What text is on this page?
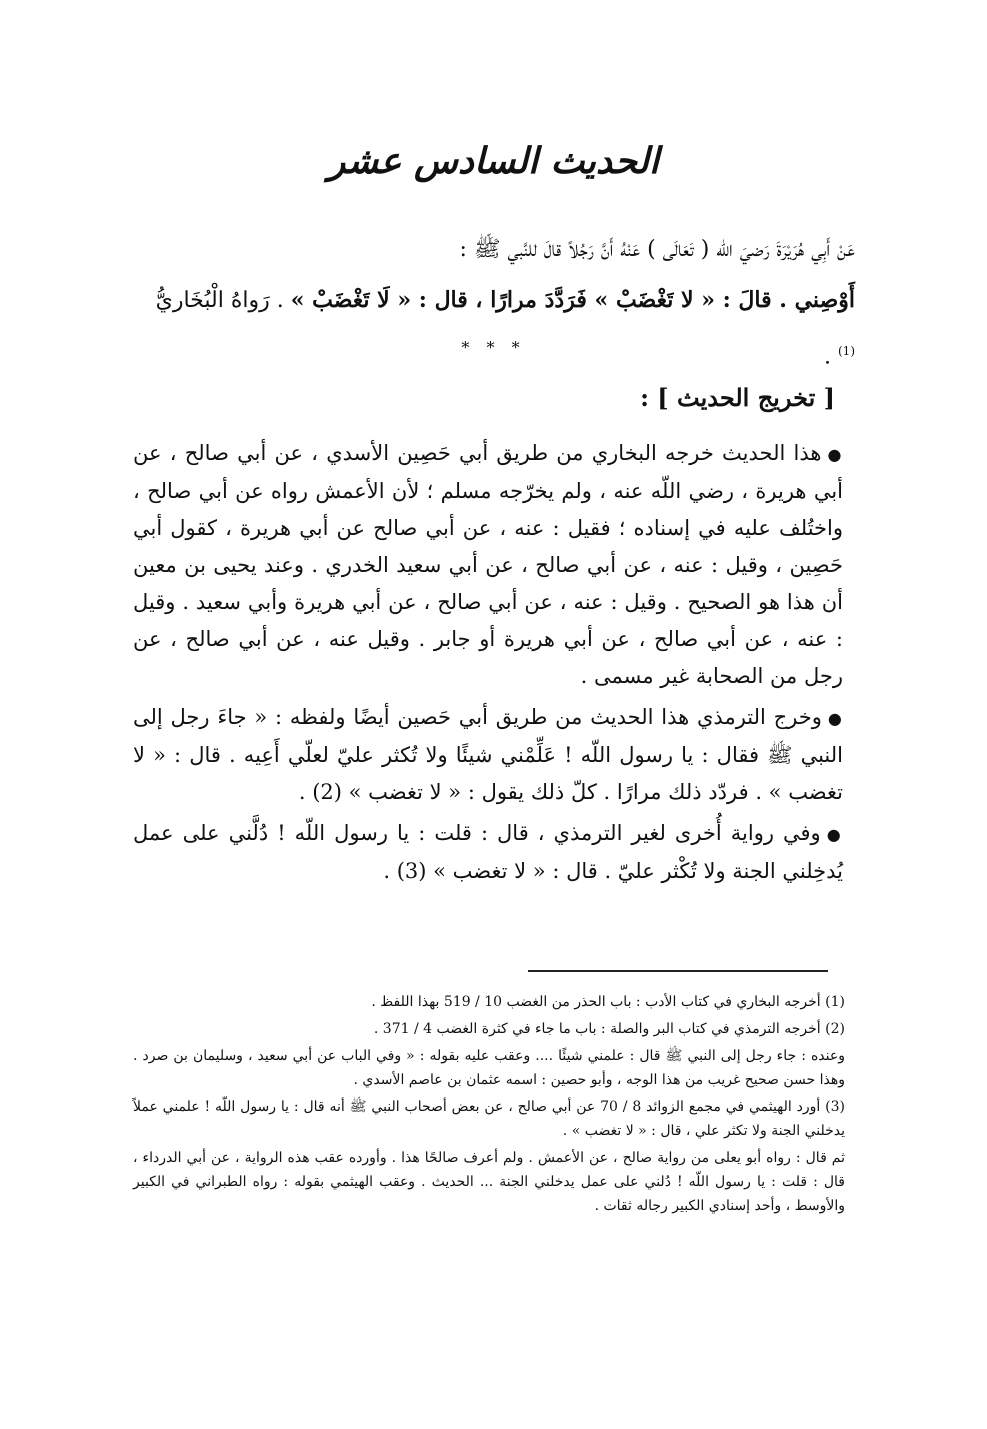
الحديث السادس عشر

عَنْ أَبِي هُرَيْرَةَ رَضيَ اللّه ( تَعَالَى ) عَنْهُ أَنَّ رَجُلاً قالَ للنَّبي ﷺ :

أَوْصِني . قالَ : « لا تَغْضَبْ » فَرَدَّدَ مرارًا ، قال : « لَا تَغْضَبْ » . رَواهُ الْبُخَاريُّ $^{(1)}$ .

* * *
[ تخريج الحديث ] :

●هذا الحديث خرجه البخاري من طريق أبي حَصِين الأسدي ، عن أبي صالح ، عن أبي هريرة ، رضي اللّه عنه ، ولم يخرّجه مسلم ؛ لأن الأعمش رواه عن أبي صالح ، واختُلف عليه في إسناده ؛ فقيل : عنه ، عن أبي صالح عن أبي هريرة ، كقول أبي حَصِين ، وقيل : عنه ، عن أبي صالح ، عن أبي سعيد الخدري . وعند يحيى بن معين أن هذا هو الصحيح . وقيل : عنه ، عن أبي صالح ، عن أبي هريرة وأبي سعيد . وقيل : عنه ، عن أبي صالح ، عن أبي هريرة أو جابر . وقيل عنه ، عن أبي صالح ، عن رجل من الصحابة غير مسمى .

●وخرج الترمذي هذا الحديث من طريق أبي حَصين أيضًا ولفظه : « جاءَ رجل إلى النبي ﷺ فقال : يا رسول اللّه ! عَلِّمْني شيئًا ولا تُكثر عليّ لعلّي أَعِيه . قال : « لا تغضب » . فردّد ذلك مرارًا . كلّ ذلك يقول : « لا تغضب » (2) .

●وفي رواية أُخرى لغير الترمذي ، قال : قلت : يا رسول اللّه ! دُلَّني على عمل يُدخِلني الجنة ولا تُكْثر عليّ . قال : « لا تغضب » (3) .

(1) أخرجه البخاري في كتاب الأدب : باب الحذر من الغضب 10 / 519 بهذا اللفظ .

(2) أخرجه الترمذي في كتاب البر والصلة : باب ما جاء في كثرة الغضب 4 / 371 .

وعنده : جاء رجل إلى النبي ﷺ قال : علمني شيئًا .... وعقب عليه بقوله : « وفي الباب عن أبي سعيد ، وسليمان بن صرد . وهذا حسن صحيح غريب من هذا الوجه ، وأبو حصين : اسمه عثمان بن عاصم الأسدي .

(3) أورد الهيثمي في مجمع الزوائد 8 / 70 عن أبي صالح ، عن بعض أصحاب النبي ﷺ أنه قال : يا رسول اللّه ! علمني عملاً يدخلني الجنة ولا تكثر علي ، قال : « لا تغضب » .

ثم قال : رواه أبو يعلى من رواية صالح ، عن الأعمش . ولم أعرف صالحًا هذا . وأورده عقب هذه الرواية ، عن أبي الدرداء ، قال : قلت : يا رسول اللّه ! دُلني على عمل يدخلني الجنة ... الحديث . وعقب الهيثمي بقوله : رواه الطبراني في الكبير والأوسط ، وأحد إسنادي الكبير رجاله ثقات .
